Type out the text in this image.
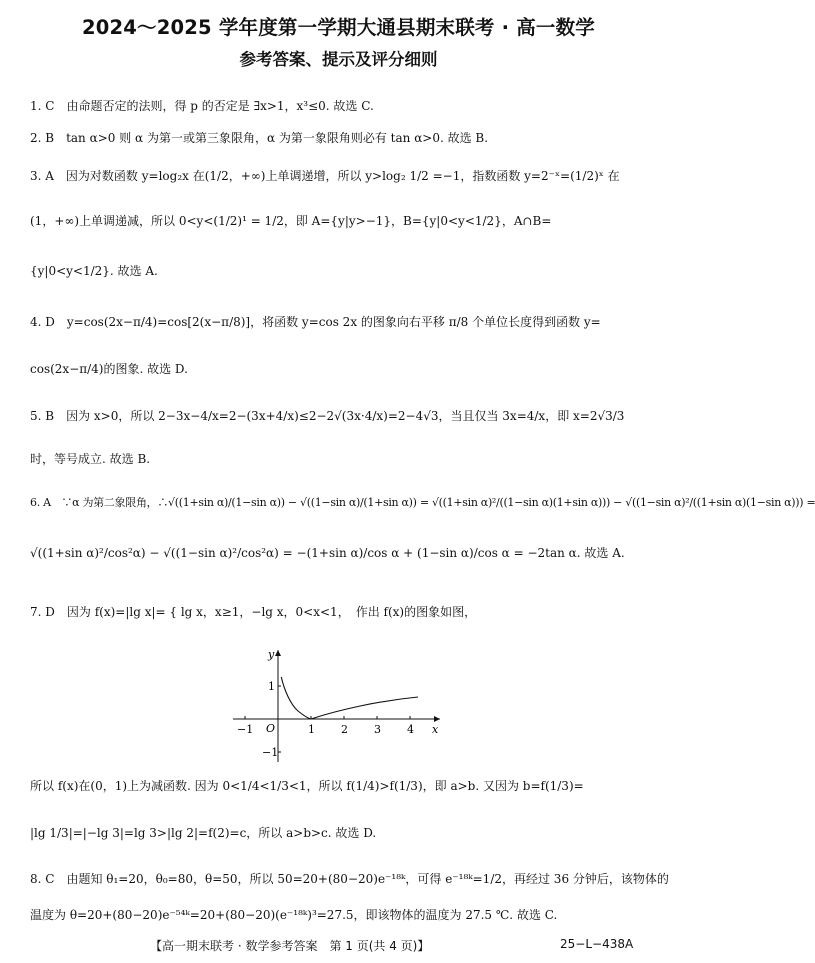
2024～2025 学年度第一学期大通县期末联考 · 高一数学
参考答案、提示及评分细则
1. C　由命题否定的法则，得 p 的否定是 ∃x>1，x³≤0. 故选 C.
2. B　tan α>0 则 α 为第一或第三象限角，α 为第一象限角则必有 tan α>0. 故选 B.
3. A　因为对数函数 y=log₂x 在(1/2，+∞)上单调递增，所以 y>log₂ 1/2 =−1，指数函数 y=2⁻ˣ=(1/2)ˣ 在
(1，+∞)上单调递减，所以 0<y<(1/2)¹ = 1/2，即 A={y|y>−1}，B={y|0<y<1/2}，A∩B=
{y|0<y<1/2}. 故选 A.
4. D　y=cos(2x−π/4)=cos[2(x−π/8)]，将函数 y=cos 2x 的图象向右平移 π/8 个单位长度得到函数 y=
cos(2x−π/4)的图象. 故选 D.
5. B　因为 x>0，所以 2−3x−4/x=2−(3x+4/x)≤2−2√(3x·4/x)=2−4√3，当且仅当 3x=4/x，即 x=2√3/3
时，等号成立. 故选 B.
6. A　∵α 为第二象限角，∴√((1+sin α)/(1−sin α)) − √((1−sin α)/(1+sin α)) = √((1+sin α)²/((1−sin α)(1+sin α))) − √((1−sin α)²/((1+sin α)(1−sin α))) =
√((1+sin α)²/cos²α) − √((1−sin α)²/cos²α) = −(1+sin α)/cos α + (1−sin α)/cos α = −2tan α. 故选 A.
7. D　因为 f(x)=|lg x|= { lg x，x≥1，−lg x，0<x<1，　作出 f(x)的图象如图，
y
x
O
−1	1 2 3 4
1
−1
所以 f(x)在(0，1)上为减函数. 因为 0<1/4<1/3<1，所以 f(1/4)>f(1/3)，即 a>b. 又因为 b=f(1/3)=
|lg 1/3|=|−lg 3|=lg 3>|lg 2|=f(2)=c，所以 a>b>c. 故选 D.
8. C　由题知 θ₁=20，θ₀=80，θ=50，所以 50=20+(80−20)e⁻¹⁸ᵏ，可得 e⁻¹⁸ᵏ=1/2，再经过 36 分钟后，该物体的
温度为 θ=20+(80−20)e⁻⁵⁴ᵏ=20+(80−20)(e⁻¹⁸ᵏ)³=27.5，即该物体的温度为 27.5 ℃. 故选 C.
【高一期末联考 · 数学参考答案　第 1 页(共 4 页)】	25−L−438A
